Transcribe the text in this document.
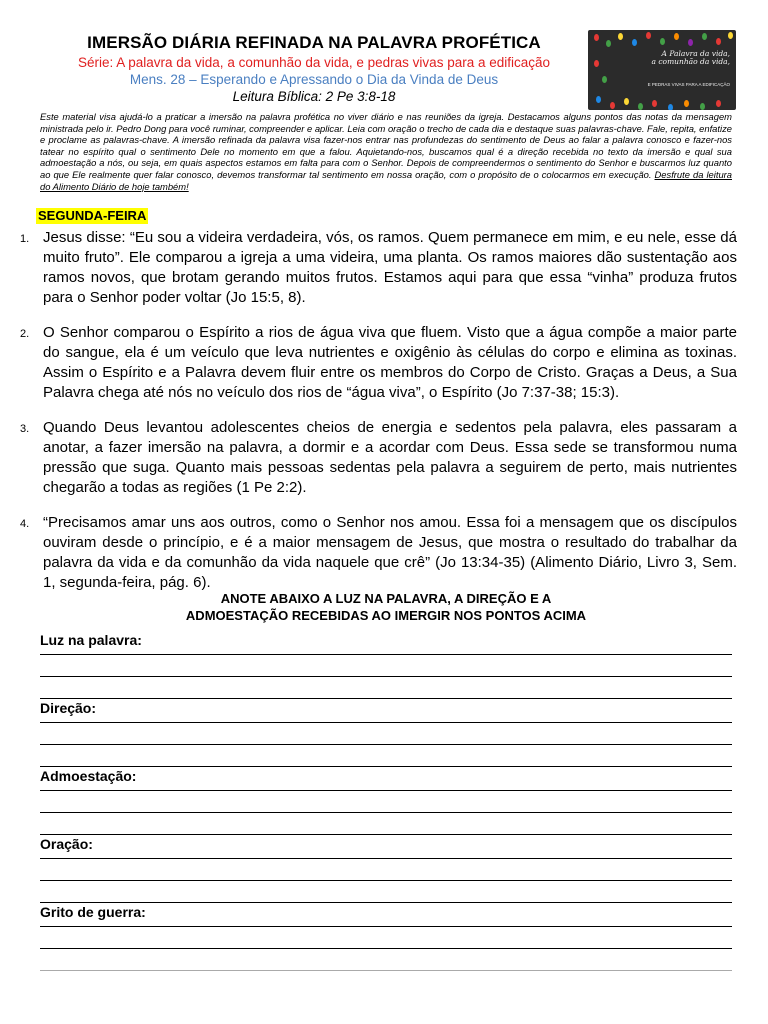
IMERSÃO DIÁRIA REFINADA NA PALAVRA PROFÉTICA
Série: A palavra da vida, a comunhão da vida, e pedras vivas para a edificação
Mens. 28 – Esperando e Apressando o Dia da Vinda de Deus
Leitura Bíblica: 2 Pe 3:8-18
A Palavra da vida,
a comunhão da vida,
E PEDRAS VIVAS PARA A EDIFICAÇÃO

Este material visa ajudá-lo a praticar a imersão na palavra profética no viver diário e nas reuniões da igreja. Destacamos alguns pontos das notas da mensagem ministrada pelo ir. Pedro Dong para você ruminar, compreender e aplicar. Leia com oração o trecho de cada dia e destaque suas palavras-chave. Fale, repita, enfatize e proclame as palavras-chave. A imersão refinada da palavra visa fazer-nos entrar nas profundezas do sentimento de Deus ao falar a palavra conosco e fazer-nos tatear no espírito qual o sentimento Dele no momento em que a falou. Aquietando-nos, buscamos qual é a direção recebida no texto da imersão e qual sua admoestação a nós, ou seja, em quais aspectos estamos em falta para com o Senhor. Depois de compreendermos o sentimento do Senhor e buscarmos luz quanto ao que Ele realmente quer falar conosco, devemos transformar tal sentimento em nossa oração, com o propósito de o colocarmos em execução. Desfrute da leitura do Alimento Diário de hoje também!

SEGUNDA-FEIRA
1. Jesus disse: “Eu sou a videira verdadeira, vós, os ramos. Quem permanece em mim, e eu nele, esse dá muito fruto”. Ele comparou a igreja a uma videira, uma planta. Os ramos maiores dão sustentação aos ramos novos, que brotam gerando muitos frutos. Estamos aqui para que essa “vinha” produza frutos para o Senhor poder voltar (Jo 15:5, 8).
2. O Senhor comparou o Espírito a rios de água viva que fluem. Visto que a água compõe a maior parte do sangue, ela é um veículo que leva nutrientes e oxigênio às células do corpo e elimina as toxinas. Assim o Espírito e a Palavra devem fluir entre os membros do Corpo de Cristo. Graças a Deus, a Sua Palavra chega até nós no veículo dos rios de “água viva”, o Espírito (Jo 7:37-38; 15:3).
3. Quando Deus levantou adolescentes cheios de energia e sedentos pela palavra, eles passaram a anotar, a fazer imersão na palavra, a dormir e a acordar com Deus. Essa sede se transformou numa pressão que suga. Quanto mais pessoas sedentas pela palavra a seguirem de perto, mais nutrientes chegarão a todas as regiões (1 Pe 2:2).
4. “Precisamos amar uns aos outros, como o Senhor nos amou. Essa foi a mensagem que os discípulos ouviram desde o princípio, e é a maior mensagem de Jesus, que mostra o resultado do trabalhar da palavra da vida e da comunhão da vida naquele que crê” (Jo 13:34-35) (Alimento Diário, Livro 3, Sem. 1, segunda-feira, pág. 6).
ANOTE ABAIXO A LUZ NA PALAVRA, A DIREÇÃO E A
ADMOESTAÇÃO RECEBIDAS AO IMERGIR NOS PONTOS ACIMA
Luz na palavra:
Direção:
Admoestação:
Oração:
Grito de guerra:
